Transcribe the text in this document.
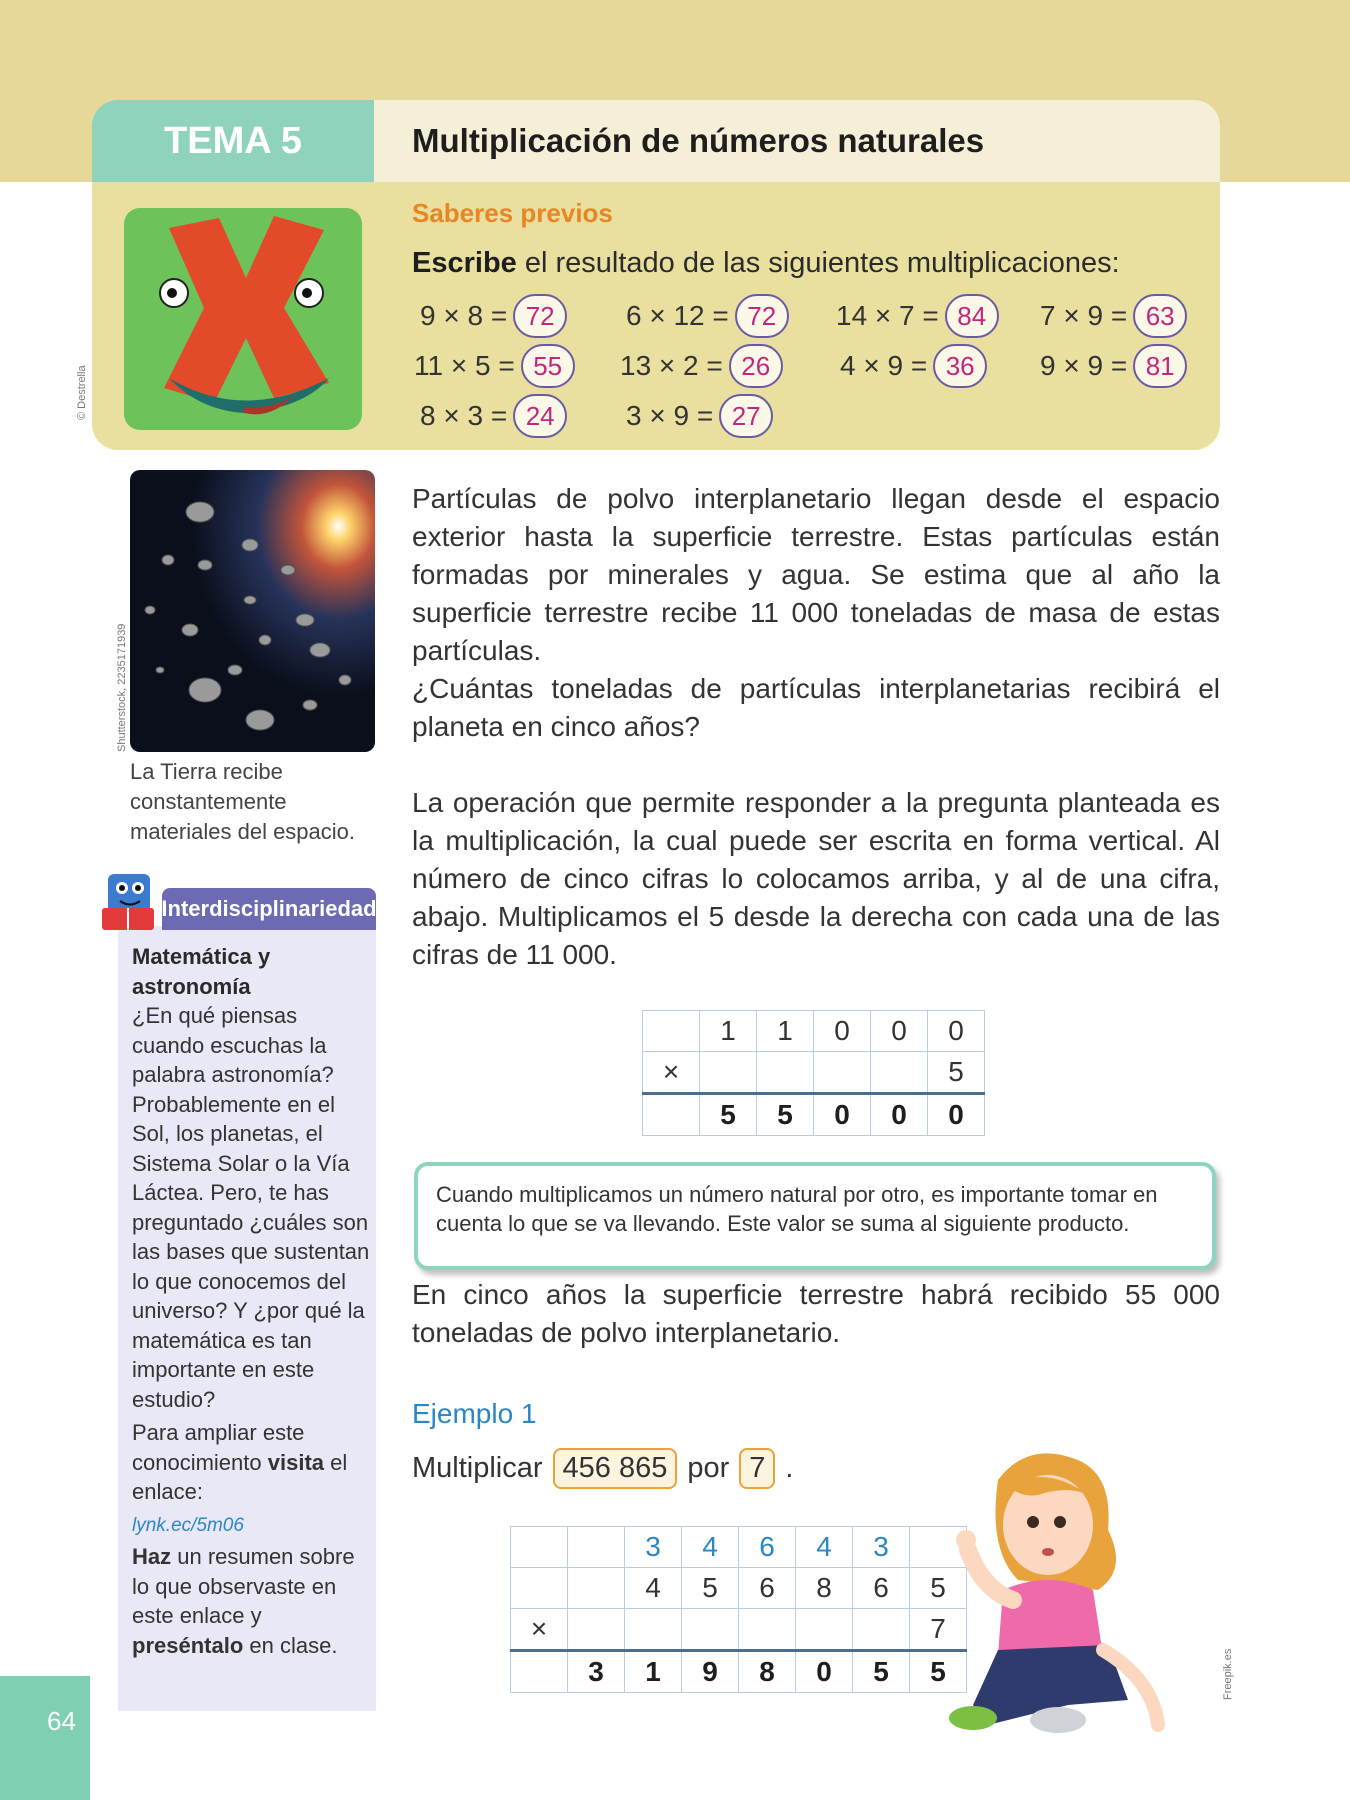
TEMA 5	Multiplicación de números naturales
Saberes previos
Escribe el resultado de las siguientes multiplicaciones:
9 × 8 = 72	6 × 12 = 72	14 × 7 = 84	7 × 9 = 63
11 × 5 = 55	13 × 2 = 26	4 × 9 = 36	9 × 9 = 81
8 × 3 = 24	3 × 9 = 27
© Destrella
Shutterstock, 2235171939
La Tierra recibe constantemente materiales del espacio.
Interdisciplinariedad
Matemática y astronomía
¿En qué piensas cuando escuchas la palabra astronomía? Probablemente en el Sol, los planetas, el Sistema Solar o la Vía Láctea. Pero, te has preguntado ¿cuáles son las bases que sustentan lo que conocemos del universo? Y ¿por qué la matemática es tan importante en este estudio?
Para ampliar este conocimiento visita el enlace:
lynk.ec/5m06
Haz un resumen sobre lo que observaste en este enlace y preséntalo en clase.
64
Partículas de polvo interplanetario llegan desde el espacio exterior hasta la superficie terrestre. Estas partículas están formadas por minerales y agua. Se estima que al año la superficie terrestre recibe 11 000 toneladas de masa de estas partículas.
¿Cuántas toneladas de partículas interplanetarias recibirá el planeta en cinco años?
La operación que permite responder a la pregunta planteada es la multiplicación, la cual puede ser escrita en forma vertical. Al número de cinco cifras lo colocamos arriba, y al de una cifra, abajo. Multiplicamos el 5 desde la derecha con cada una de las cifras de 11 000.
	1	1	0	0	0
×					5
	5	5	0	0	0

Cuando multiplicamos un número natural por otro, es importante tomar en cuenta lo que se va llevando. Este valor se suma al siguiente producto.

En cinco años la superficie terrestre habrá recibido 55 000 toneladas de polvo interplanetario.
Ejemplo 1
Multiplicar 456 865 por 7 .
		3	4	6	4	3	
		4	5	6	8	6	5
×							7
	3	1	9	8	0	5	5	Freepik.es
